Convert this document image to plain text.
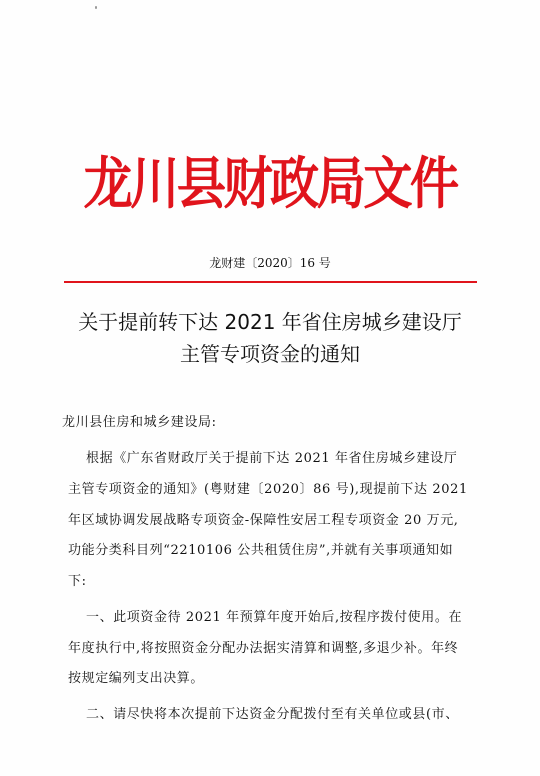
龙川县财政局文件
龙财建〔2020〕16 号
关于提前转下达 2021 年省住房城乡建设厅
主管专项资金的通知
龙川县住房和城乡建设局:
根据《广东省财政厅关于提前下达 2021 年省住房城乡建设厅
主管专项资金的通知》(粤财建〔2020〕86 号),现提前下达 2021
年区域协调发展战略专项资金-保障性安居工程专项资金 20 万元,
功能分类科目列“2210106 公共租赁住房”,并就有关事项通知如
下:
一、此项资金待 2021 年预算年度开始后,按程序拨付使用。在
年度执行中,将按照资金分配办法据实清算和调整,多退少补。年终
按规定编列支出决算。
二、请尽快将本次提前下达资金分配拨付至有关单位或县(市、
